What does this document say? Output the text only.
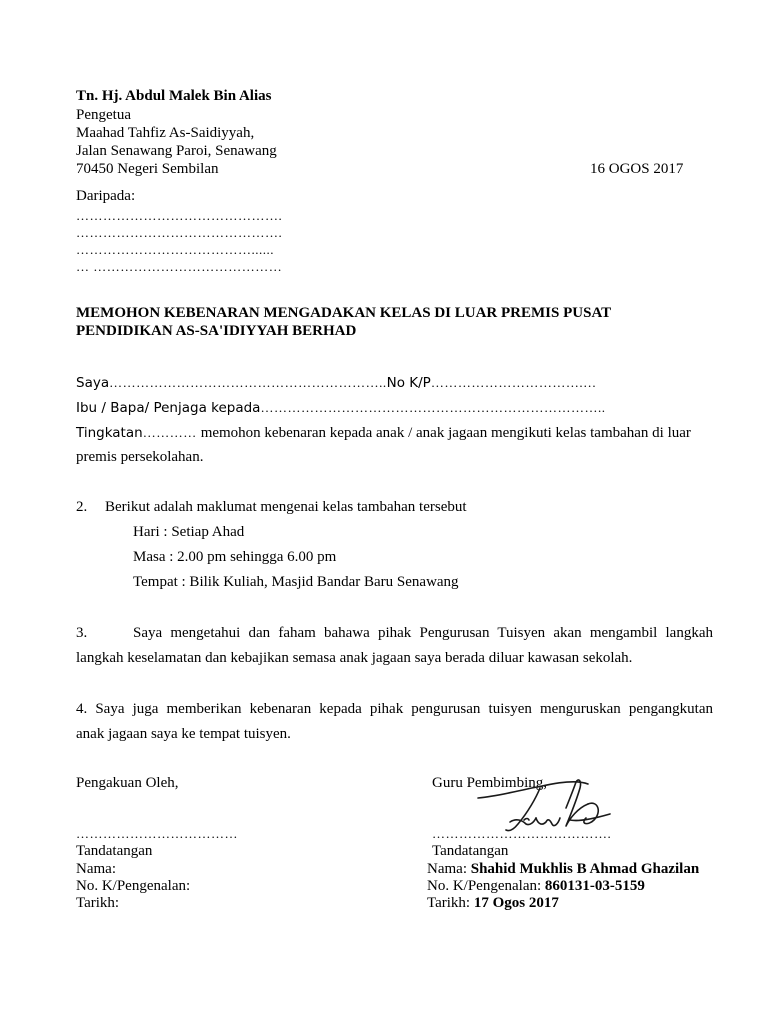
Tn. Hj. Abdul Malek Bin Alias
Pengetua
Maahad Tahfiz As-Saidiyyah,
Jalan Senawang Paroi, Senawang
70450 Negeri Sembilan	16 OGOS 2017
Daripada:
……………………………………….
……………………………………….
…………………………………......
… ……………………………………
MEMOHON KEBENARAN MENGADAKAN KELAS DI LUAR PREMIS PUSAT
PENDIDIKAN AS-SA'IDIYYAH BERHAD
Saya……………………………………………………..No K/P…………………………….…
Ibu / Bapa/ Penjaga kepada…………………………………………………………………..
Tingkatan………… memohon kebenaran kepada anak / anak jagaan mengikuti kelas tambahan di luar
premis persekolahan.
2. Berikut adalah maklumat mengenai kelas tambahan tersebut
Hari : Setiap Ahad
Masa : 2.00 pm sehingga 6.00 pm
Tempat : Bilik Kuliah, Masjid Bandar Baru Senawang
3.	Saya mengetahui dan faham bahawa pihak Pengurusan Tuisyen akan mengambil langkah
langkah keselamatan dan kebajikan semasa anak jagaan saya berada diluar kawasan sekolah.
4. Saya juga memberikan kebenaran kepada pihak pengurusan tuisyen menguruskan pengangkutan
anak jagaan saya ke tempat tuisyen.
Pengakuan Oleh,
………………………………
Tandatangan
Nama:
No. K/Pengenalan:
Tarikh:
Guru Pembimbing,
………………………………….
Tandatangan
Nama: Shahid Mukhlis B Ahmad Ghazilan
No. K/Pengenalan: 860131-03-5159
Tarikh: 17 Ogos 2017
